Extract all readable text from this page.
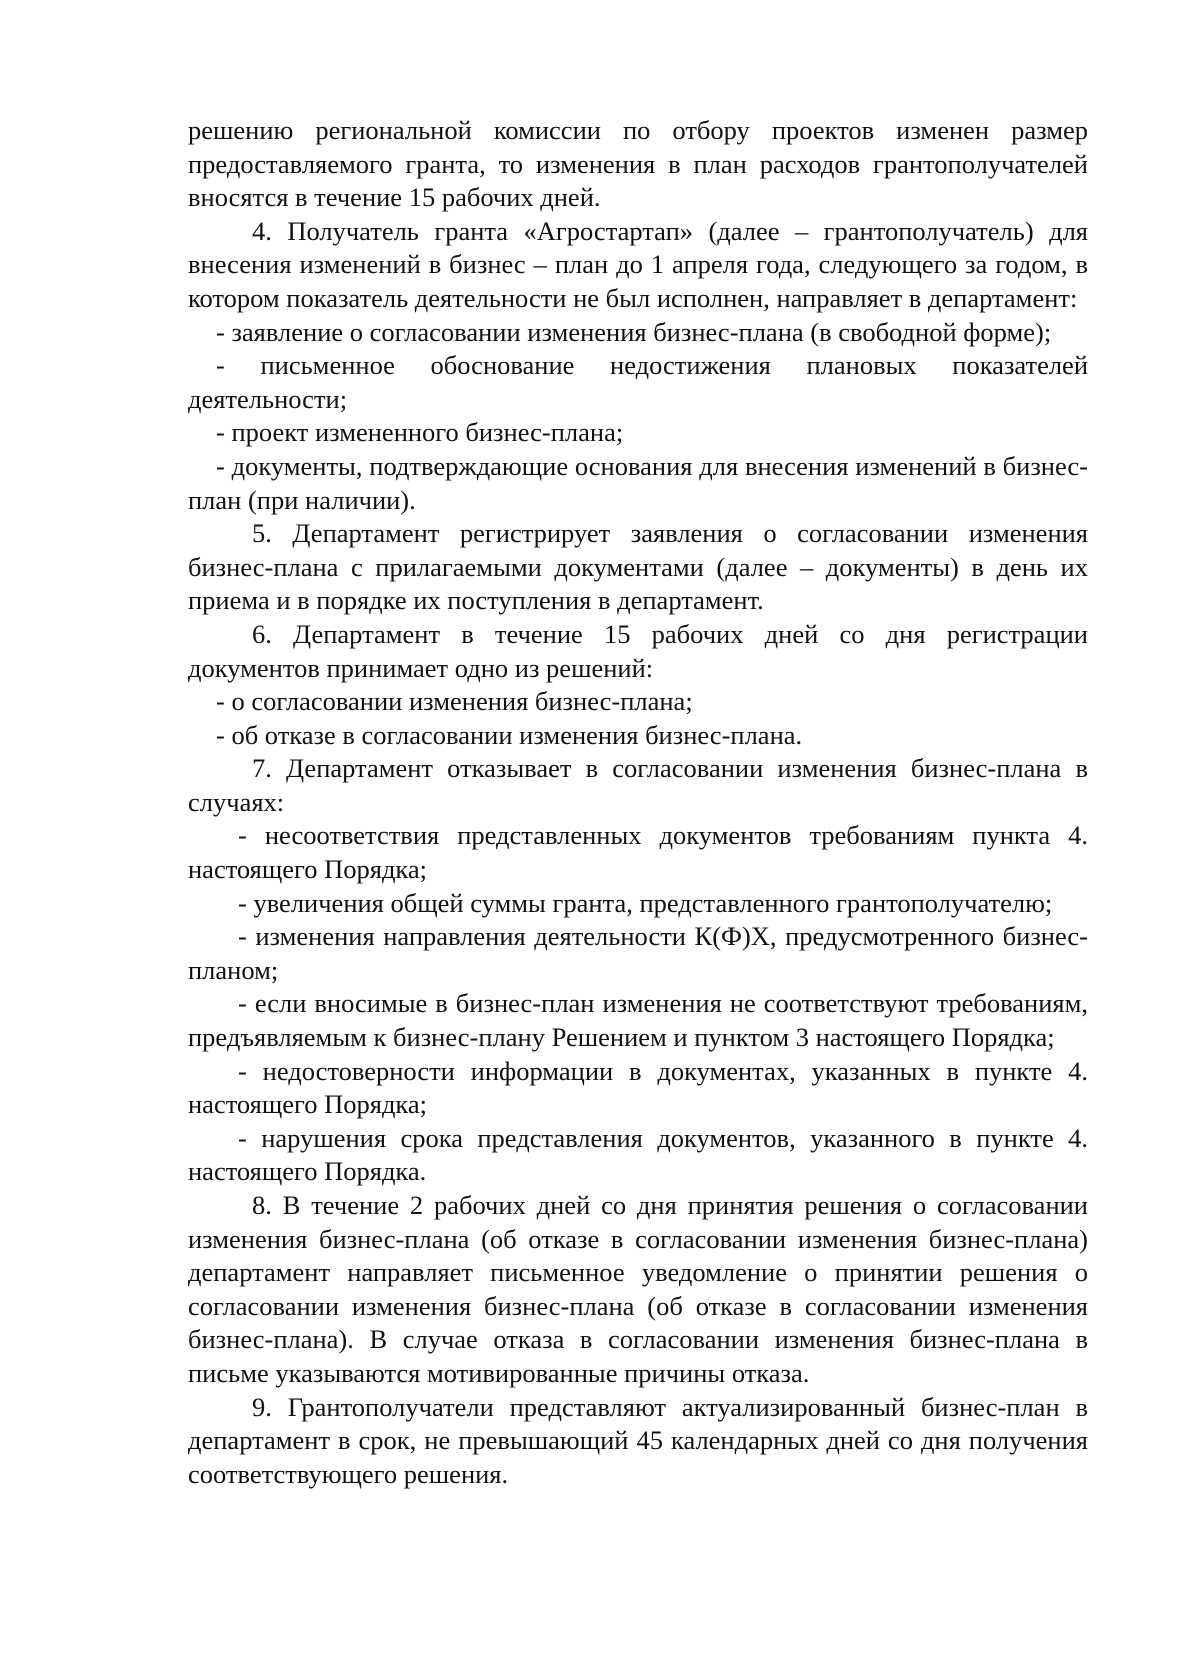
решению региональной комиссии по отбору проектов изменен размер предоставляемого гранта, то изменения в план расходов грантополучателей вносятся в течение 15 рабочих дней.

4. Получатель гранта «Агростартап» (далее – грантополучатель) для внесения изменений в бизнес – план до 1 апреля года, следующего за годом, в котором показатель деятельности не был исполнен, направляет в департамент:

- заявление о согласовании изменения бизнес-плана (в свободной форме);

- письменное обоснование недостижения плановых показателей деятельности;

- проект измененного бизнес-плана;

- документы, подтверждающие основания для внесения изменений в бизнес-план (при наличии).

5. Департамент регистрирует заявления о согласовании изменения бизнес-плана с прилагаемыми документами (далее – документы) в день их приема и в порядке их поступления в департамент.

6. Департамент в течение 15 рабочих дней со дня регистрации документов принимает одно из решений:

- о согласовании изменения бизнес-плана;

- об отказе в согласовании изменения бизнес-плана.

7. Департамент отказывает в согласовании изменения бизнес-плана в случаях:

- несоответствия представленных документов требованиям пункта 4. настоящего Порядка;

- увеличения общей суммы гранта, представленного грантополучателю;

- изменения направления деятельности К(Ф)Х, предусмотренного бизнес-планом;

- если вносимые в бизнес-план изменения не соответствуют требованиям, предъявляемым к бизнес-плану Решением и пунктом 3 настоящего Порядка;

- недостоверности информации в документах, указанных в пункте 4. настоящего Порядка;

- нарушения срока представления документов, указанного в пункте 4. настоящего Порядка.

8. В течение 2 рабочих дней со дня принятия решения о согласовании изменения бизнес-плана (об отказе в согласовании изменения бизнес-плана) департамент направляет письменное уведомление о принятии решения о согласовании изменения бизнес-плана (об отказе в согласовании изменения бизнес-плана). В случае отказа в согласовании изменения бизнес-плана в письме указываются мотивированные причины отказа.

9. Грантополучатели представляют актуализированный бизнес-план в департамент в срок, не превышающий 45 календарных дней со дня получения соответствующего решения.
